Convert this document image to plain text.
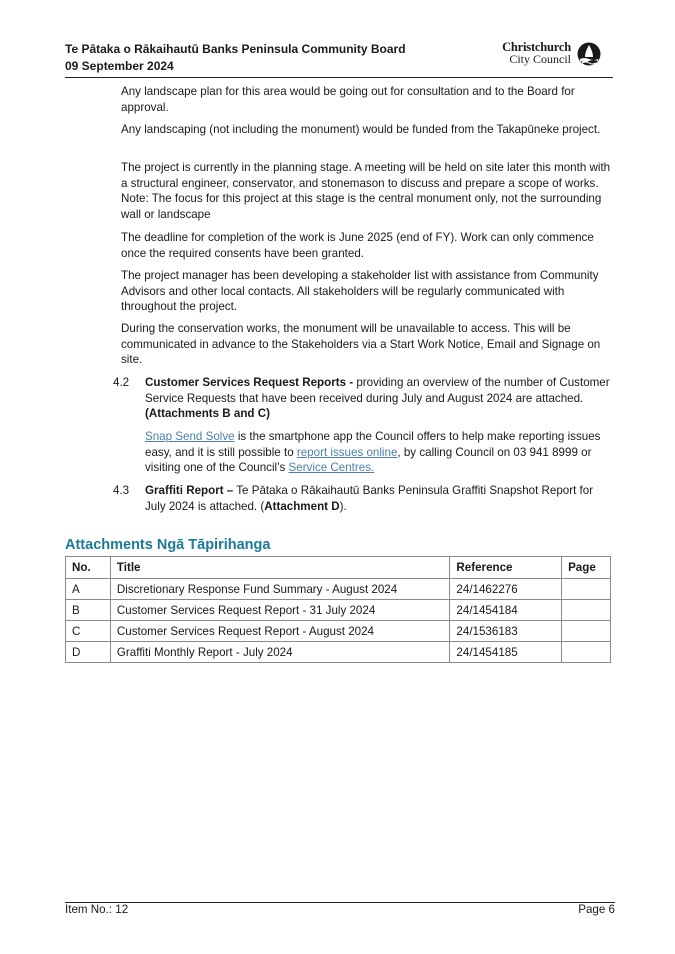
Te Pātaka o Rākaihautū Banks Peninsula Community Board
09 September 2024
Christchurch
City Council

Any landscape plan for this area would be going out for consultation and to the Board for approval.

Any landscaping (not including the monument) would be funded from the Takapūneke project.

The project is currently in the planning stage. A meeting will be held on site later this month with a structural engineer, conservator, and stonemason to discuss and prepare a scope of works. Note: The focus for this project at this stage is the central monument only, not the surrounding wall or landscape

The deadline for completion of the work is June 2025 (end of FY). Work can only commence once the required consents have been granted.

The project manager has been developing a stakeholder list with assistance from Community Advisors and other local contacts. All stakeholders will be regularly communicated with throughout the project.

During the conservation works, the monument will be unavailable to access. This will be communicated in advance to the Stakeholders via a Start Work Notice, Email and Signage on site.

4.2 Customer Services Request Reports - providing an overview of the number of Customer Service Requests that have been received during July and August 2024 are attached. (Attachments B and C)

Snap Send Solve is the smartphone app the Council offers to help make reporting issues easy, and it is still possible to report issues online, by calling Council on 03 941 8999 or visiting one of the Council’s Service Centres.

4.3 Graffiti Report – Te Pātaka o Rākaihautū Banks Peninsula Graffiti Snapshot Report for July 2024 is attached. (Attachment D).

Attachments Ngā Tāpirihanga
No.	Title	Reference	Page
A	Discretionary Response Fund Summary - August 2024	24/1462276	
B	Customer Services Request Report - 31 July 2024	24/1454184	
C	Customer Services Request Report - August 2024	24/1536183	
D	Graffiti Monthly Report - July 2024	24/1454185	
Item No.: 12	Page 6
